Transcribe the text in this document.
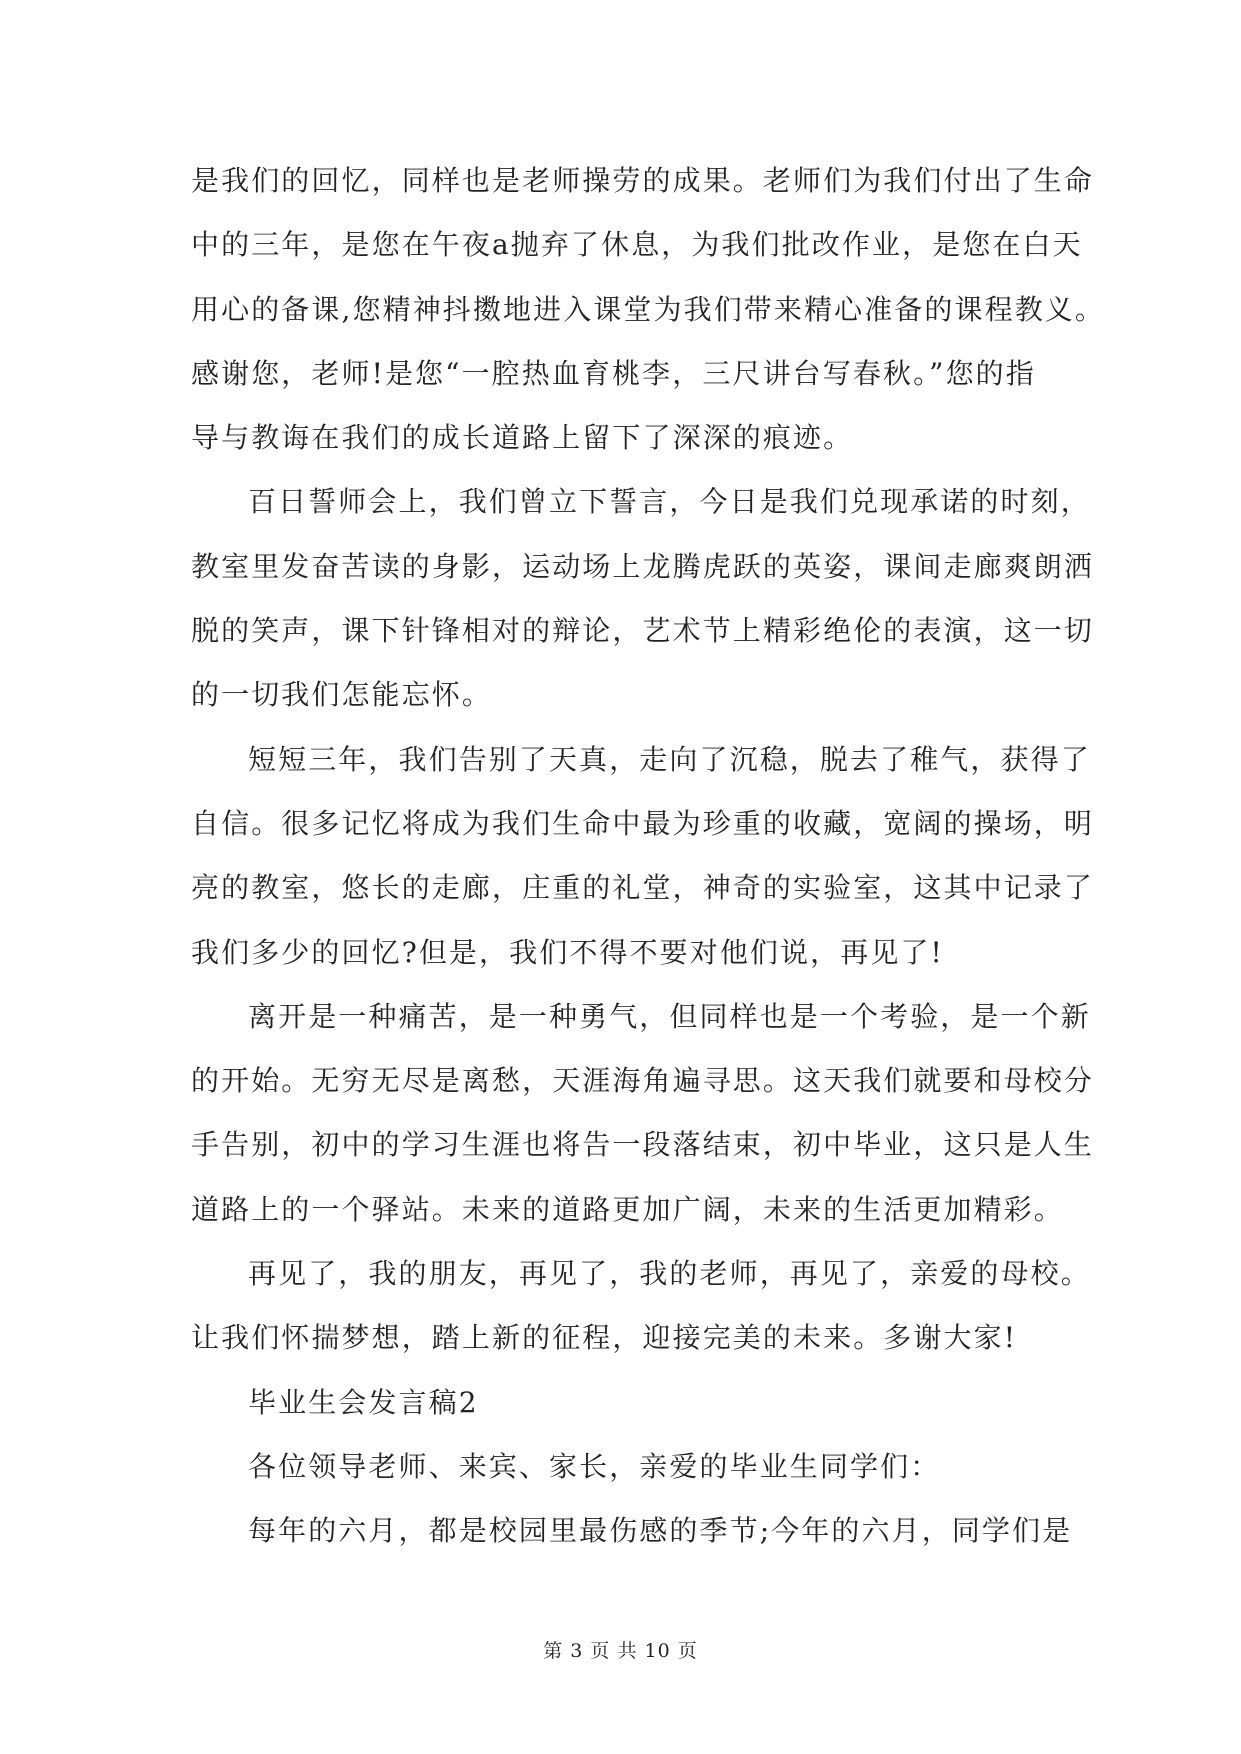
是我们的回忆，同样也是老师操劳的成果。老师们为我们付出了生命
中的三年，是您在午夜a抛弃了休息，为我们批改作业，是您在白天
用心的备课,您精神抖擞地进入课堂为我们带来精心准备的课程教义。
感谢您，老师!是您“一腔热血育桃李，三尺讲台写春秋。”您的指
导与教诲在我们的成长道路上留下了深深的痕迹。
百日誓师会上，我们曾立下誓言，今日是我们兑现承诺的时刻，
教室里发奋苦读的身影，运动场上龙腾虎跃的英姿，课间走廊爽朗洒
脱的笑声，课下针锋相对的辩论，艺术节上精彩绝伦的表演，这一切
的一切我们怎能忘怀。
短短三年，我们告别了天真，走向了沉稳，脱去了稚气，获得了
自信。很多记忆将成为我们生命中最为珍重的收藏，宽阔的操场，明
亮的教室，悠长的走廊，庄重的礼堂，神奇的实验室，这其中记录了
我们多少的回忆?但是，我们不得不要对他们说，再见了!
离开是一种痛苦，是一种勇气，但同样也是一个考验，是一个新
的开始。无穷无尽是离愁，天涯海角遍寻思。这天我们就要和母校分
手告别，初中的学习生涯也将告一段落结束，初中毕业，这只是人生
道路上的一个驿站。未来的道路更加广阔，未来的生活更加精彩。
再见了，我的朋友，再见了，我的老师，再见了，亲爱的母校。
让我们怀揣梦想，踏上新的征程，迎接完美的未来。多谢大家!
毕业生会发言稿2
各位领导老师、来宾、家长，亲爱的毕业生同学们：
每年的六月，都是校园里最伤感的季节;今年的六月，同学们是
第 3 页 共 10 页
